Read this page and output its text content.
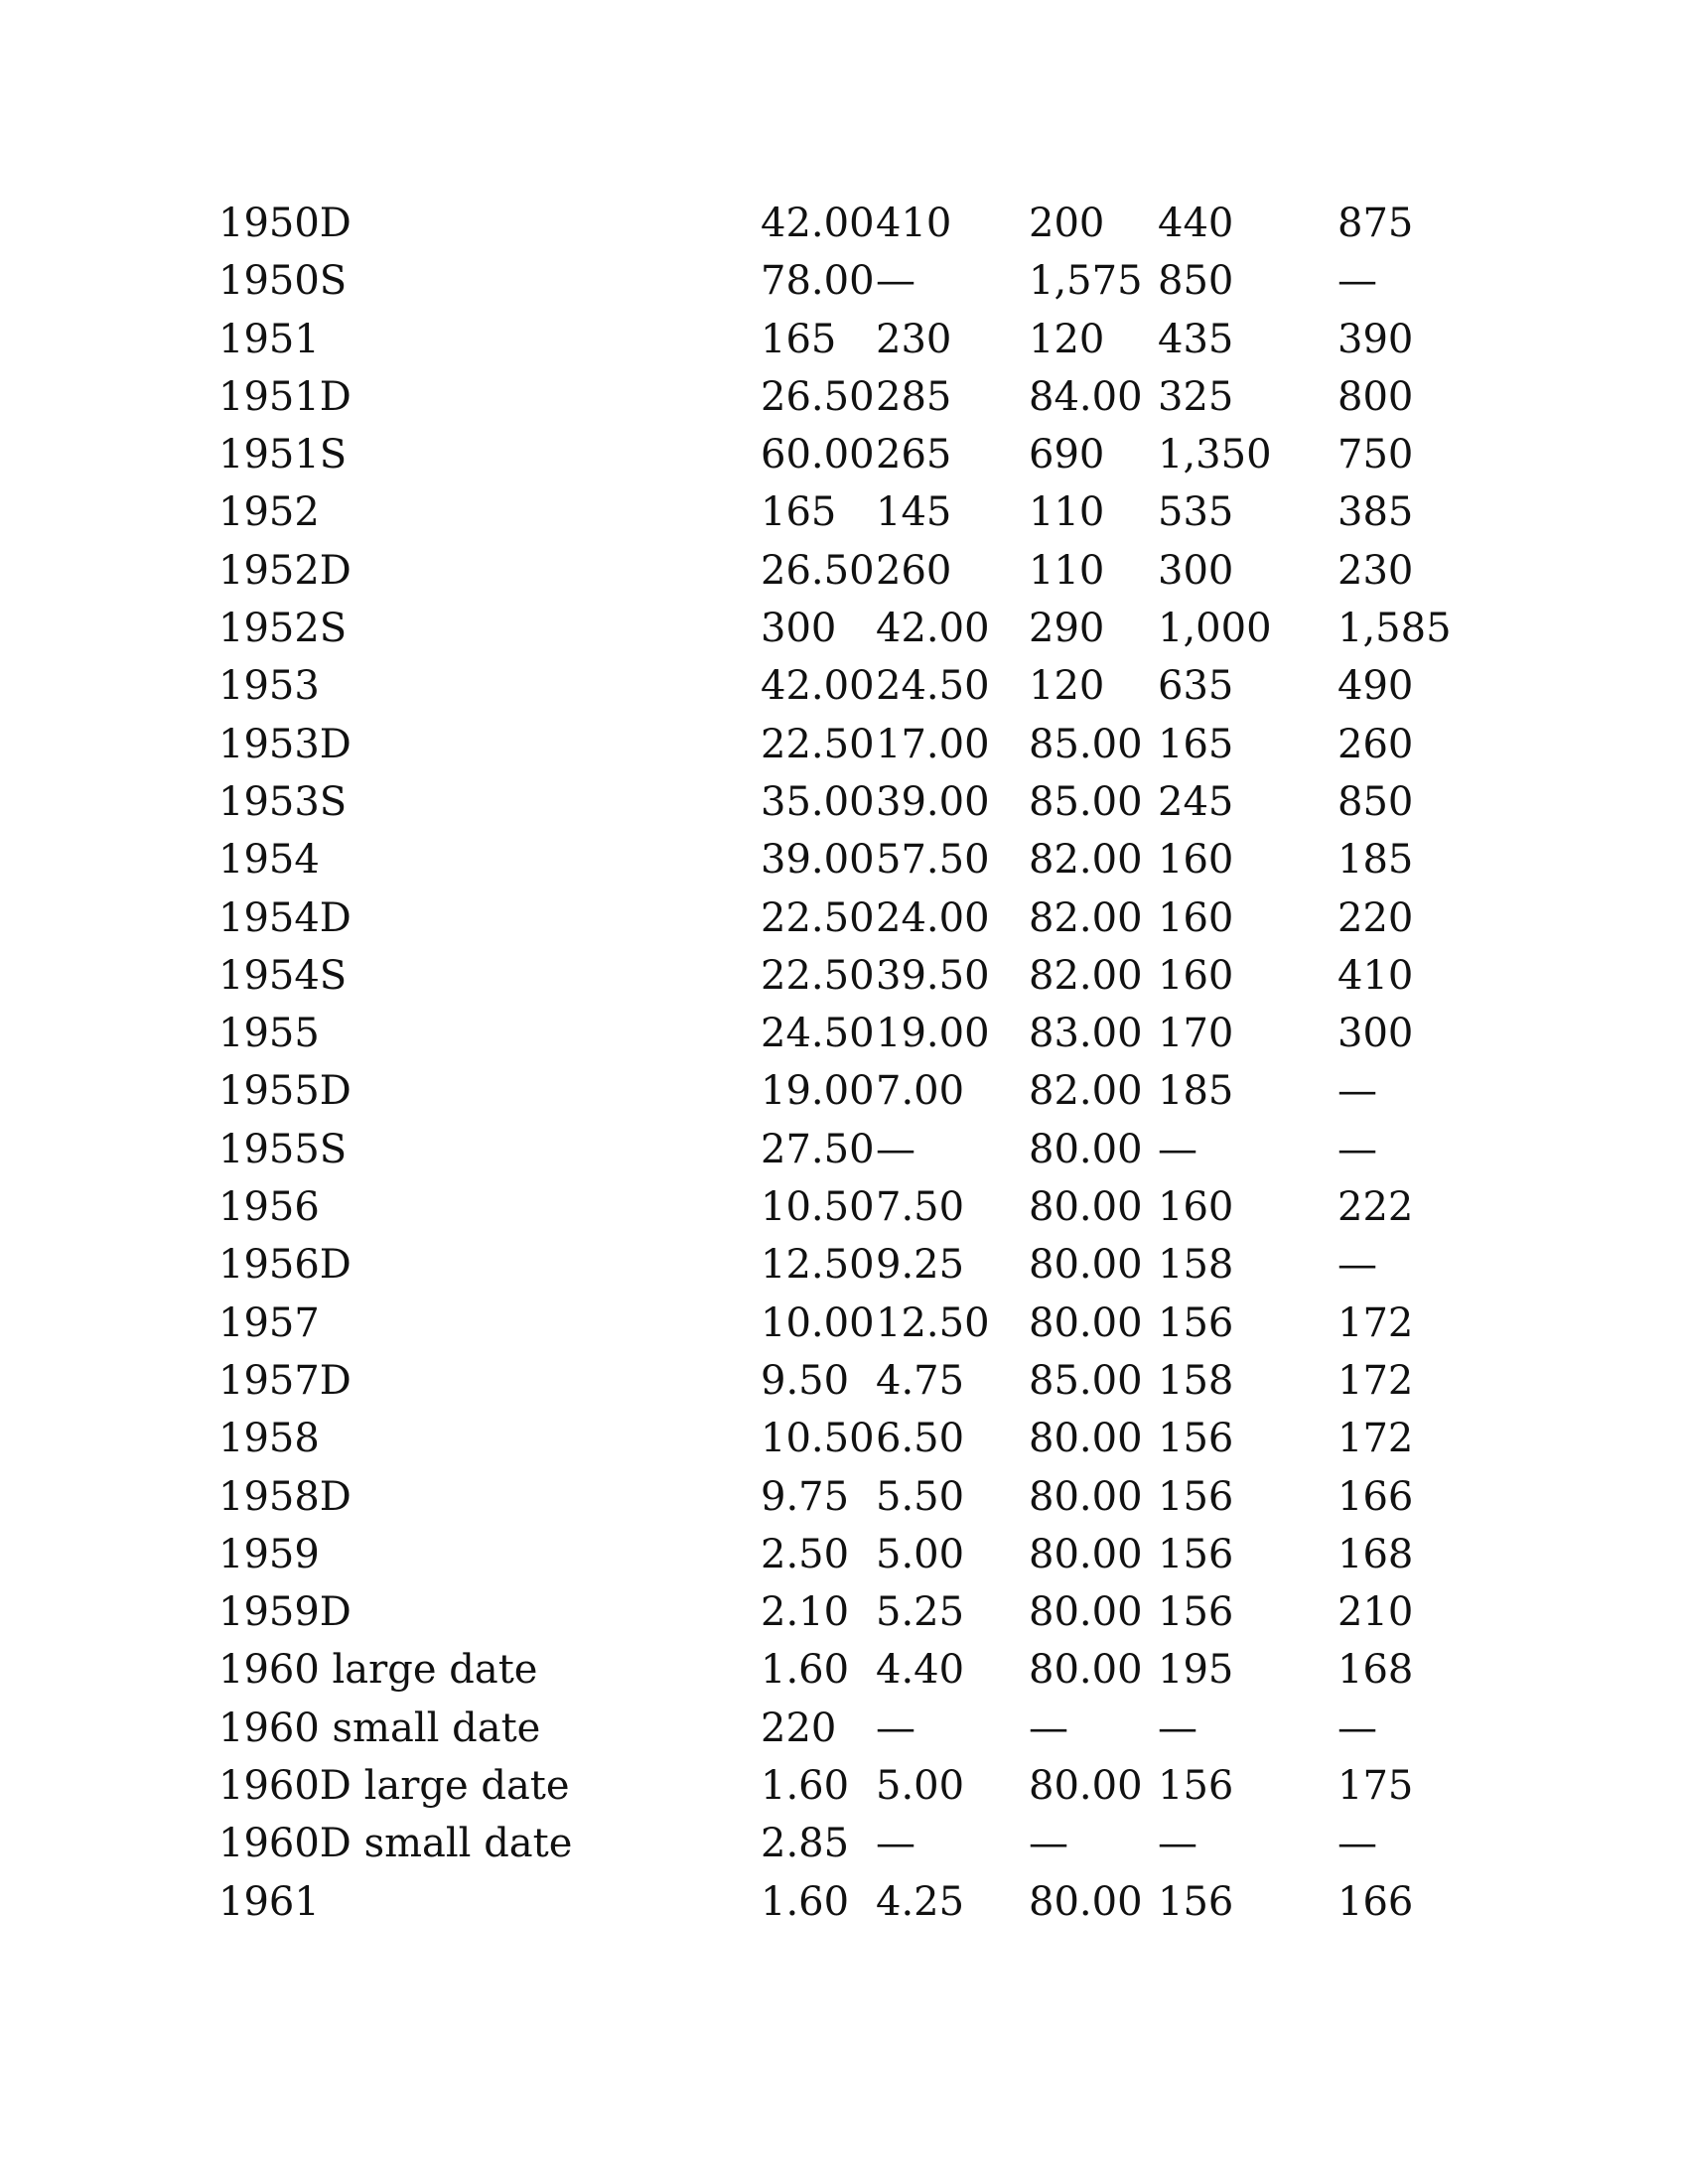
1950D	42.00 410 200 440	875
1950S	78.00 —	1,575 850	—
1951	165 230 120 435	390
1951D	26.50 285 84.00 325	800
1951S	60.00 265 690 1,350 750
1952	165 145 110 535	385
1952D	26.50 260 110 300	230
1952S	300 42.00 290 1,000 1,585
1953	42.00 24.50 120 635	490
1953D	22.50 17.00 85.00 165	260
1953S	35.00 39.00 85.00 245	850
1954	39.00 57.50 82.00 160	185
1954D	22.50 24.00 82.00 160	220
1954S	22.50 39.50 82.00 160	410
1955	24.50 19.00 83.00 170	300
1955D	19.00 7.00 82.00 185	—
1955S	27.50 —	80.00 —	—
1956	10.50 7.50 80.00 160	222
1956D	12.50 9.25 80.00 158	—
1957	10.00 12.50 80.00 156	172
1957D	9.50 4.75 85.00 158	172
1958	10.50 6.50 80.00 156	172
1958D	9.75 5.50 80.00 156	166
1959	2.50 5.00 80.00 156	168
1959D	2.10 5.25 80.00 156	210
1960 large date	1.60 4.40 80.00 195	168
1960 small date	220 —	— —	—
1960D large date	1.60 5.00 80.00 156	175
1960D small date	2.85 —	— —	—
1961	1.60 4.25 80.00 156	166
